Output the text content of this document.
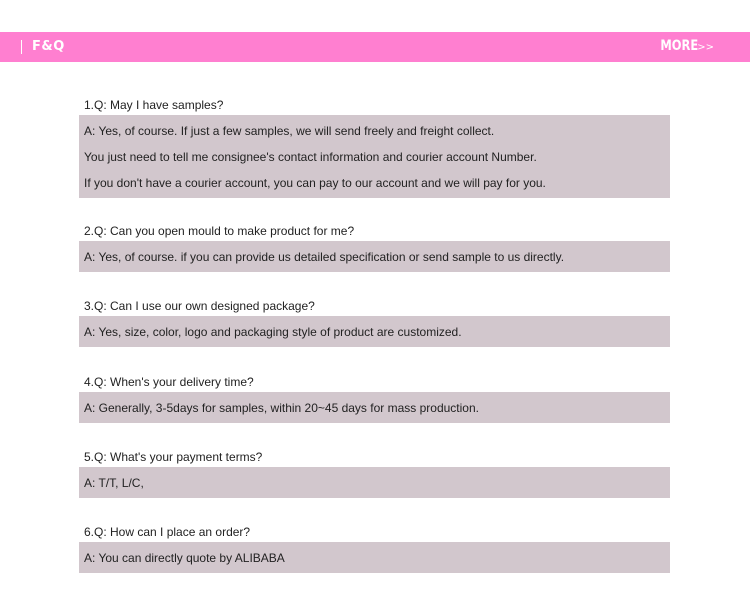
F&Q	MORE >>
1.Q: May I have samples?
A: Yes, of course. If just a few samples, we will send freely and freight collect.
You just need to tell me consignee's contact information and courier account Number.
If you don't have a courier account, you can pay to our account and we will pay for you.
2.Q: Can you open mould to make product for me?
A: Yes, of course. if you can provide us detailed specification or send sample to us directly.
3.Q: Can I use our own designed package?
A: Yes, size, color, logo and packaging style of product are customized.
4.Q: When's your delivery time?
A: Generally, 3-5days for samples, within 20~45 days for mass production.
5.Q: What's your payment terms?
A: T/T, L/C,
6.Q: How can I place an order?
A: You can directly quote by ALIBABA
